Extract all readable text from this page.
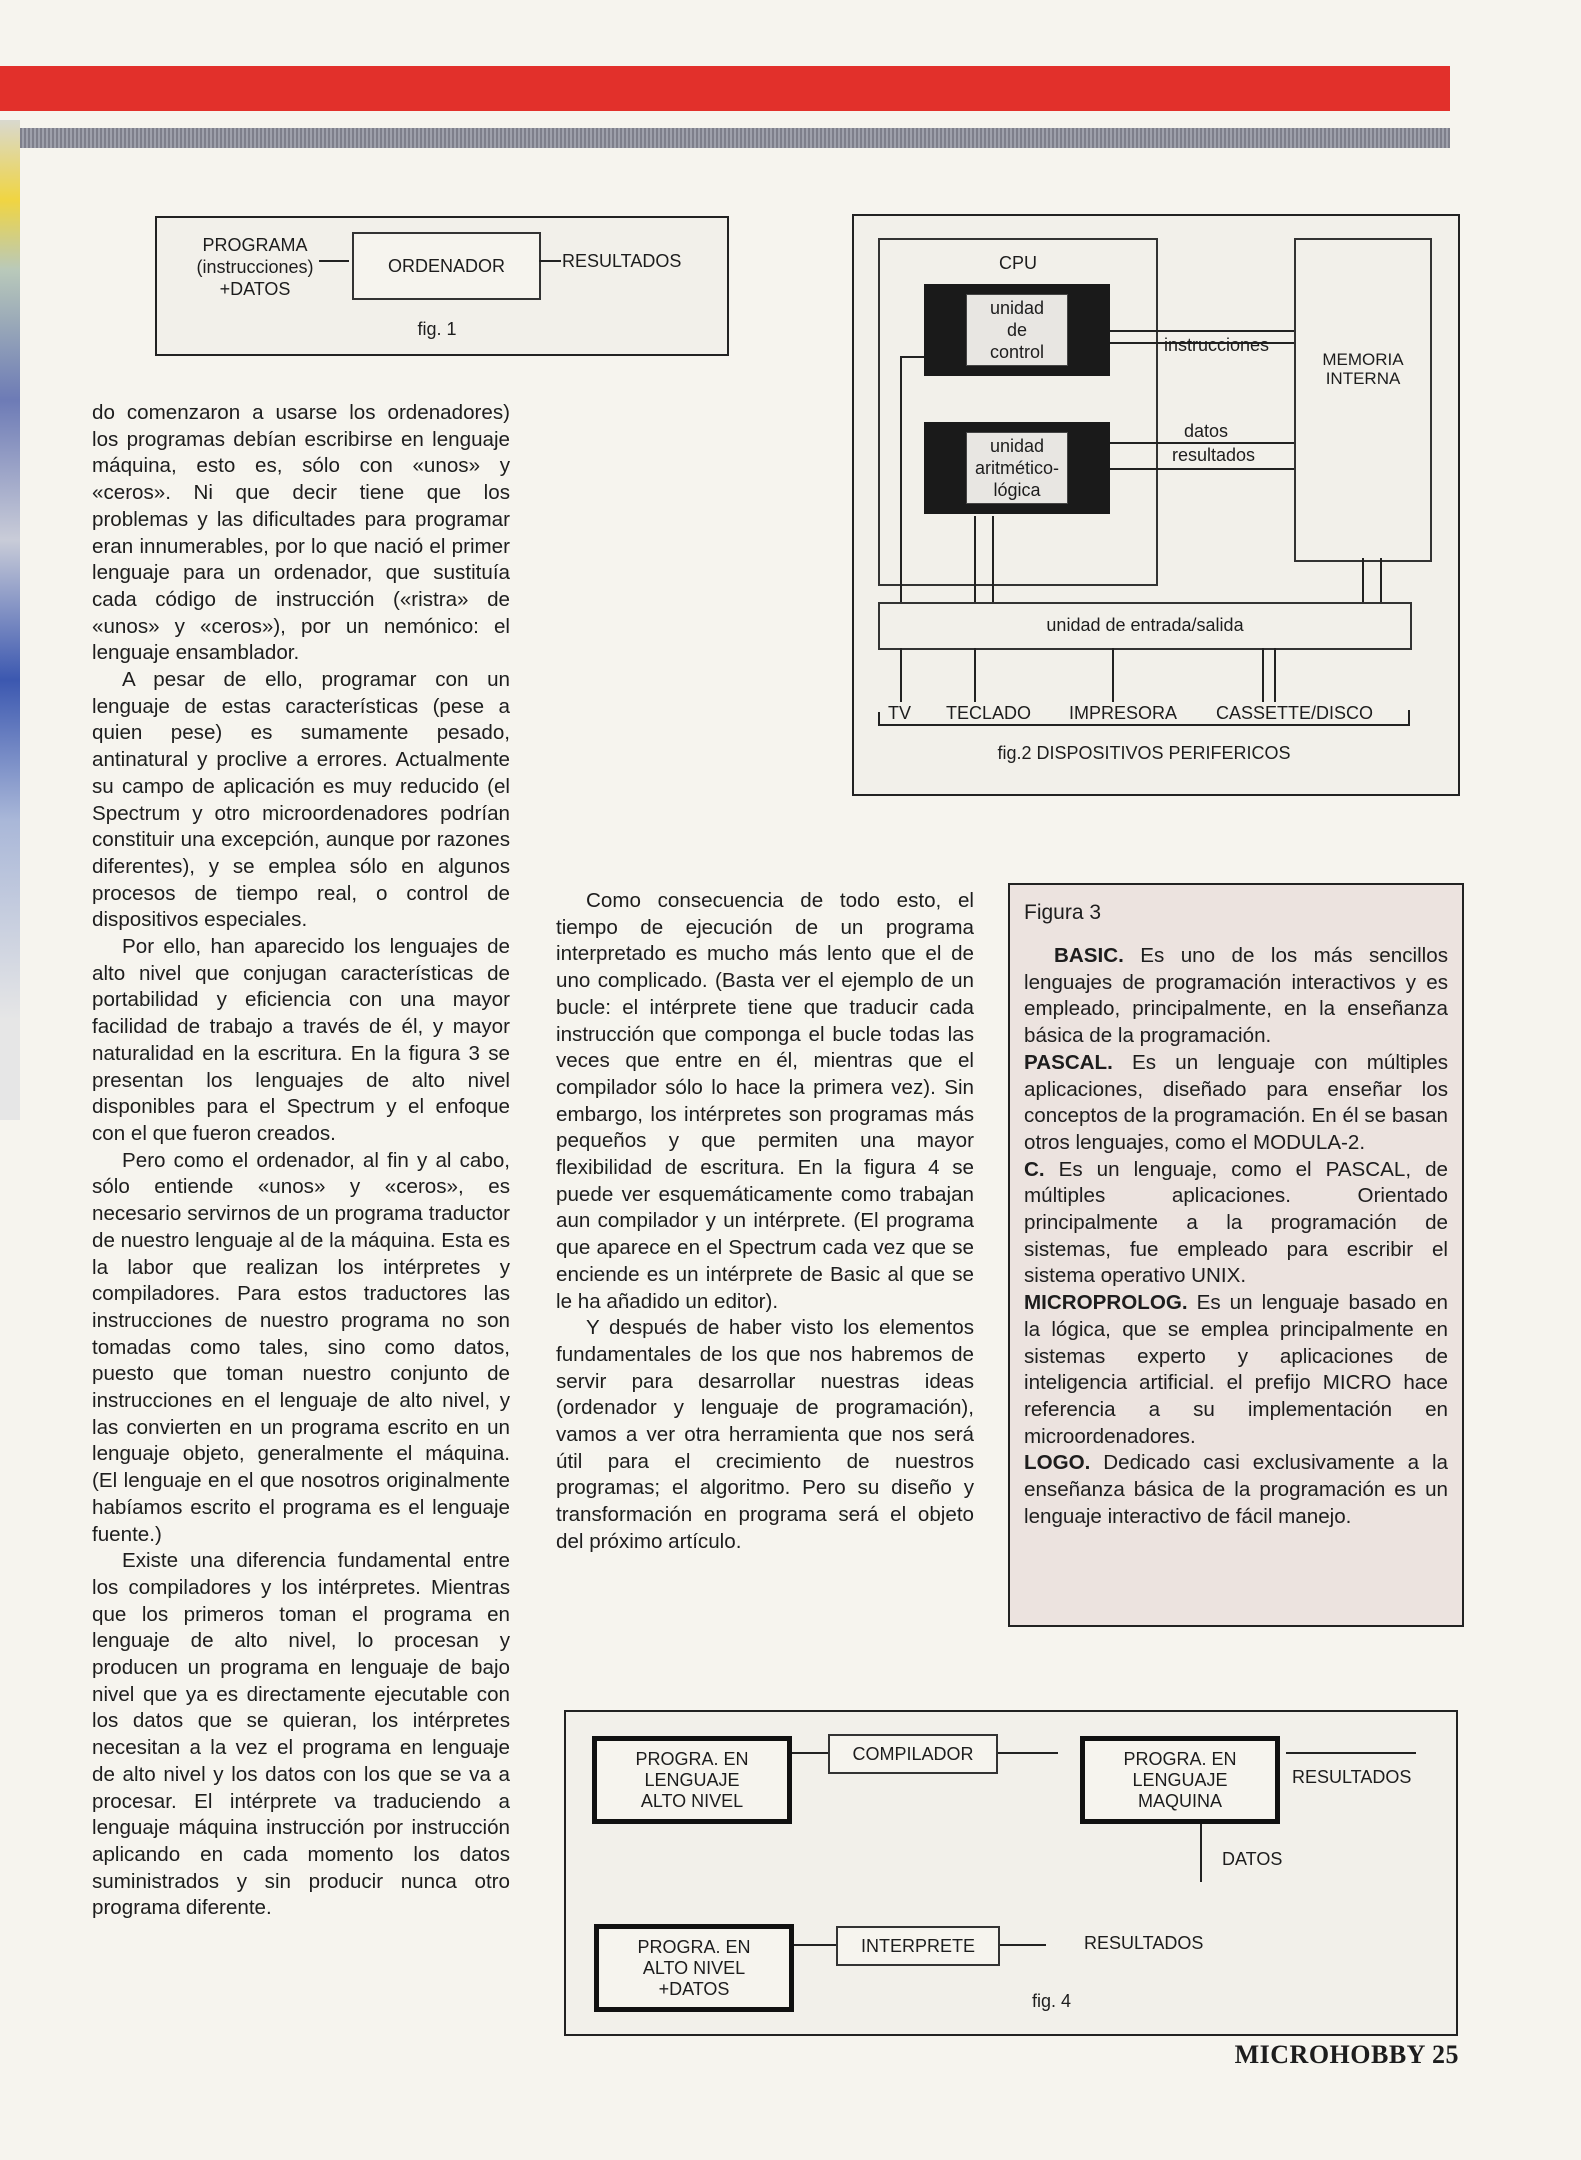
PROGRAMA
(instrucciones)
+DATOS
ORDENADOR	RESULTADOS
fig. 1
CPU
unidad
de
control
unidad
aritmético-
lógica
MEMORIA
INTERNA
instrucciones
datos
resultados
unidad de entrada/salida
TV TECLADO IMPRESORA CASSETTE/DISCO
fig.2 DISPOSITIVOS PERIFERICOS

do comenzaron a usarse los ordenadores) los programas debían escribirse en lenguaje máquina, esto es, sólo con «unos» y «ceros». Ni que decir tiene que los problemas y las dificultades para programar eran innumerables, por lo que nació el primer lenguaje para un ordenador, que sustituía cada código de instrucción («ristra» de «unos» y «ceros»), por un nemónico: el lenguaje ensamblador.

A pesar de ello, programar con un lenguaje de estas características (pese a quien pese) es sumamente pesado, antinatural y proclive a errores. Actualmente su campo de aplicación es muy reducido (el Spectrum y otro microordenadores podrían constituir una excepción, aunque por razones diferentes), y se emplea sólo en algunos procesos de tiempo real, o control de dispositivos especiales.

Por ello, han aparecido los lenguajes de alto nivel que conjugan características de portabilidad y eficiencia con una mayor facilidad de trabajo a través de él, y mayor naturalidad en la escritura. En la figura 3 se presentan los lenguajes de alto nivel disponibles para el Spectrum y el enfoque con el que fueron creados.

Pero como el ordenador, al fin y al cabo, sólo entiende «unos» y «ceros», es necesario servirnos de un programa traductor de nuestro lenguaje al de la máquina. Esta es la labor que realizan los intérpretes y compiladores. Para estos traductores las instrucciones de nuestro programa no son tomadas como tales, sino como datos, puesto que toman nuestro conjunto de instrucciones en el lenguaje de alto nivel, y las convierten en un programa escrito en un lenguaje objeto, generalmente el máquina. (El lenguaje en el que nosotros originalmente habíamos escrito el programa es el lenguaje fuente.)

Existe una diferencia fundamental entre los compiladores y los intérpretes. Mientras que los primeros toman el programa en lenguaje de alto nivel, lo procesan y producen un programa en lenguaje de bajo nivel que ya es directamente ejecutable con los datos que se quieran, los intérpretes necesitan a la vez el programa en lenguaje de alto nivel y los datos con los que se va a procesar. El intérprete va traduciendo a lenguaje máquina instrucción por instrucción aplicando en cada momento los datos suministrados y sin producir nunca otro programa diferente.

Como consecuencia de todo esto, el tiempo de ejecución de un programa interpretado es mucho más lento que el de uno complicado. (Basta ver el ejemplo de un bucle: el intérprete tiene que traducir cada instrucción que componga el bucle todas las veces que entre en él, mientras que el compilador sólo lo hace la primera vez). Sin embargo, los intérpretes son programas más pequeños y que permiten una mayor flexibilidad de escritura. En la figura 4 se puede ver esquemáticamente como trabajan aun compilador y un intérprete. (El programa que aparece en el Spectrum cada vez que se enciende es un intérprete de Basic al que se le ha añadido un editor).

Y después de haber visto los elementos fundamentales de los que nos habremos de servir para desarrollar nuestras ideas (ordenador y lenguaje de programación), vamos a ver otra herramienta que nos será útil para el crecimiento de nuestros programas; el algoritmo. Pero su diseño y transformación en programa será el objeto del próximo artículo.

Figura 3

BASIC. Es uno de los más sencillos lenguajes de programación interactivos y es empleado, principalmente, en la enseñanza básica de la programación.

PASCAL. Es un lenguaje con múltiples aplicaciones, diseñado para enseñar los conceptos de la programación. En él se basan otros lenguajes, como el MODULA-2.

C. Es un lenguaje, como el PASCAL, de múltiples aplicaciones. Orientado principalmente a la programación de sistemas, fue empleado para escribir el sistema operativo UNIX.

MICROPROLOG. Es un lenguaje basado en la lógica, que se emplea principalmente en sistemas experto y aplicaciones de inteligencia artificial. el prefijo MICRO hace referencia a su implementación en microordenadores.

LOGO. Dedicado casi exclusivamente a la enseñanza básica de la programación es un lenguaje interactivo de fácil manejo.

PROGRA. EN
LENGUAJE
ALTO NIVEL
COMPILADOR	PROGRA. EN
LENGUAJE
MAQUINA
RESULTADOS
DATOS
PROGRA. EN
ALTO NIVEL
+DATOS
INTERPRETE	RESULTADOS
fig. 4
MICROHOBBY 25
